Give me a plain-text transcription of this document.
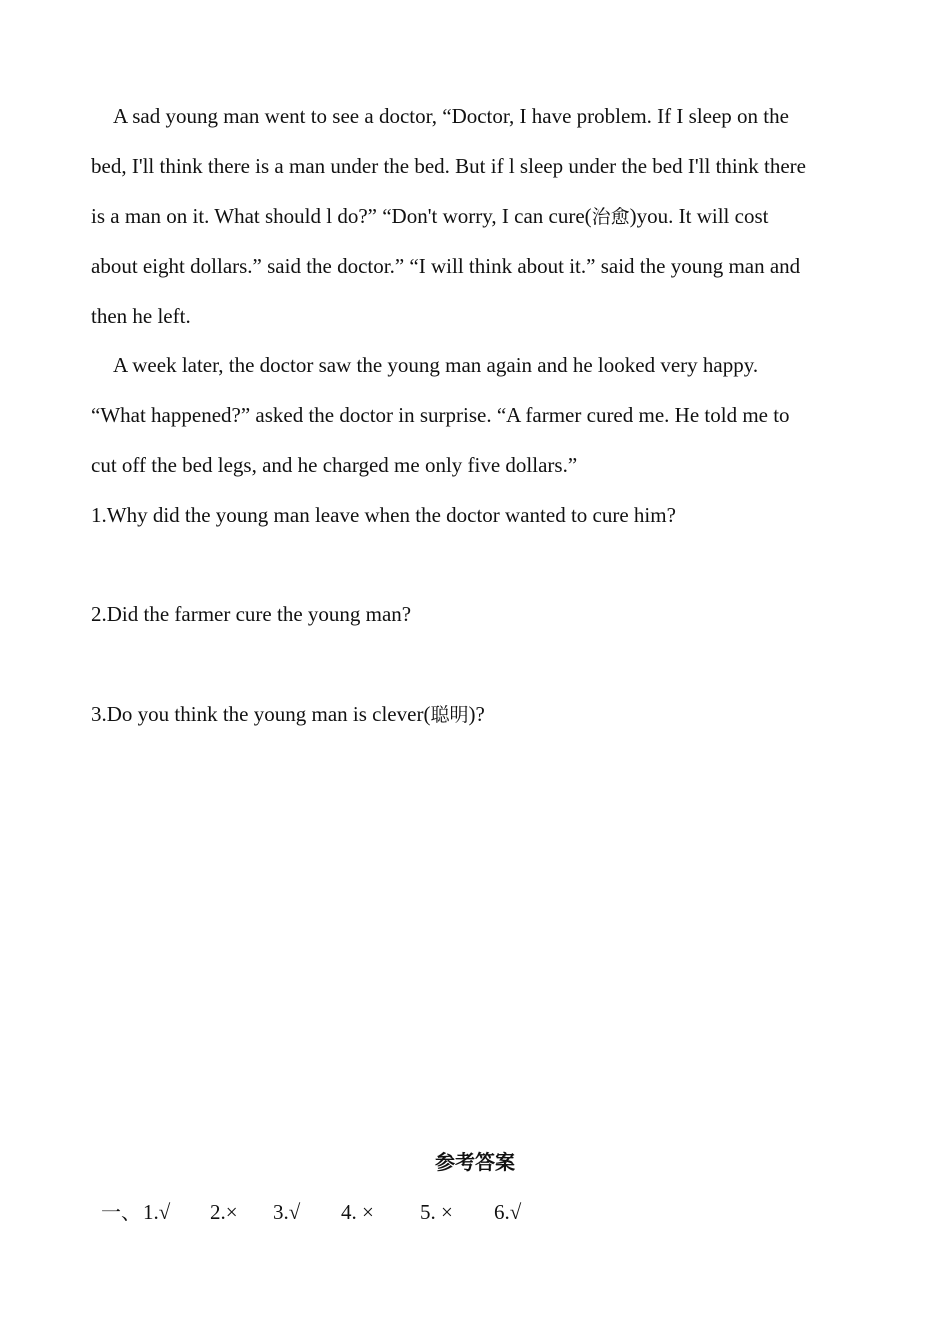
A sad young man went to see a doctor, “Doctor, I have problem. If I sleep on the
bed, I'll think there is a man under the bed. But if l sleep under the bed I'll think there
is a man on it. What should l do?” “Don't worry, I can cure(治愈)you. It will cost
about eight dollars.” said the doctor.” “I will think about it.” said the young man and
then he left.
A week later, the doctor saw the young man again and he looked very happy.
“What happened?” asked the doctor in surprise. “A farmer cured me. He told me to
cut off the bed legs, and he charged me only five dollars.”
1.Why did the young man leave when the doctor wanted to cure him?
2.Did the farmer cure the young man?
3.Do you think the young man is clever(聪明)?
参考答案
一、1.√ 2.× 3.√ 4. × 5. × 6.√
